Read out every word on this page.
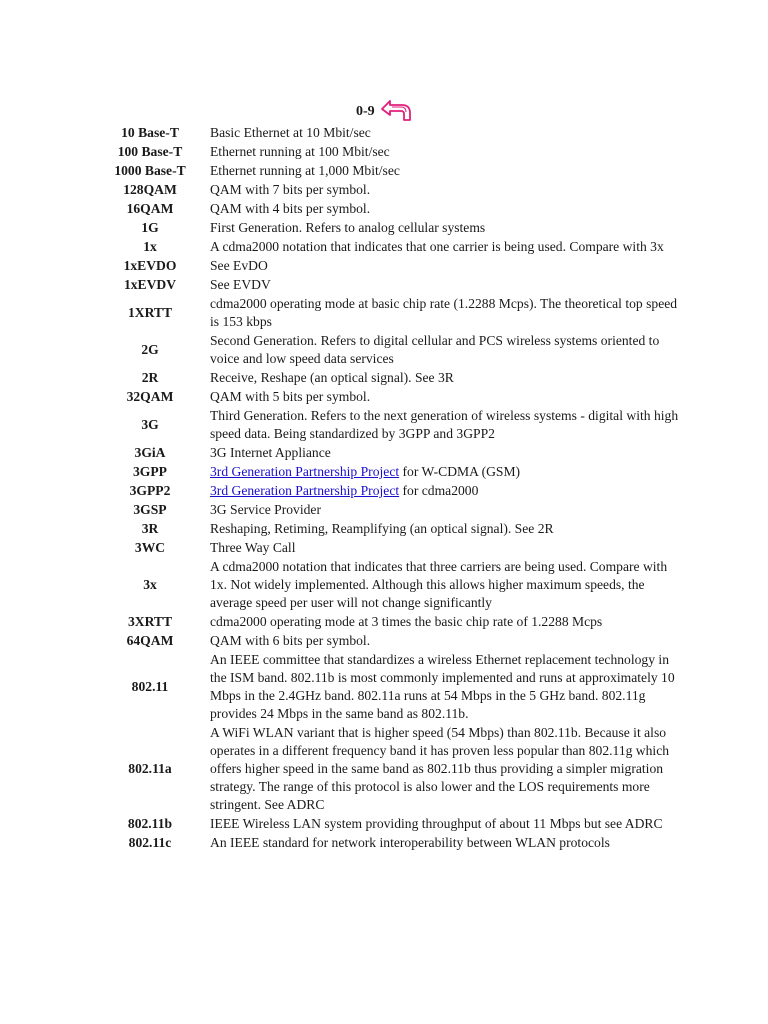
0-9
10 Base-T	Basic Ethernet at 10 Mbit/sec
100 Base-T	Ethernet running at 100 Mbit/sec
1000 Base-T	Ethernet running at 1,000 Mbit/sec
128QAM	QAM with 7 bits per symbol.
16QAM	QAM with 4 bits per symbol.
1G	First Generation. Refers to analog cellular systems
1x	A cdma2000 notation that indicates that one carrier is being used. Compare with 3x
1xEVDO	See EvDO
1xEVDV	See EVDV
1XRTT	cdma2000 operating mode at basic chip rate (1.2288 Mcps). The theoretical top speed is 153 kbps
2G	Second Generation. Refers to digital cellular and PCS wireless systems oriented to voice and low speed data services
2R	Receive, Reshape (an optical signal). See 3R
32QAM	QAM with 5 bits per symbol.
3G	Third Generation. Refers to the next generation of wireless systems - digital with high speed data. Being standardized by 3GPP and 3GPP2
3GiA	3G Internet Appliance
3GPP	3rd Generation Partnership Project for W-CDMA (GSM)
3GPP2	3rd Generation Partnership Project for cdma2000
3GSP	3G Service Provider
3R	Reshaping, Retiming, Reamplifying (an optical signal). See 2R
3WC	Three Way Call
3x	A cdma2000 notation that indicates that three carriers are being used. Compare with 1x. Not widely implemented. Although this allows higher maximum speeds, the average speed per user will not change significantly
3XRTT	cdma2000 operating mode at 3 times the basic chip rate of 1.2288 Mcps
64QAM	QAM with 6 bits per symbol.
802.11	An IEEE committee that standardizes a wireless Ethernet replacement technology in the ISM band. 802.11b is most commonly implemented and runs at approximately 10 Mbps in the 2.4GHz band. 802.11a runs at 54 Mbps in the 5 GHz band. 802.11g provides 24 Mbps in the same band as 802.11b.
802.11a	A WiFi WLAN variant that is higher speed (54 Mbps) than 802.11b. Because it also operates in a different frequency band it has proven less popular than 802.11g which offers higher speed in the same band as 802.11b thus providing a simpler migration strategy. The range of this protocol is also lower and the LOS requirements more stringent. See ADRC
802.11b	IEEE Wireless LAN system providing throughput of about 11 Mbps but see ADRC
802.11c	An IEEE standard for network interoperability between WLAN protocols
